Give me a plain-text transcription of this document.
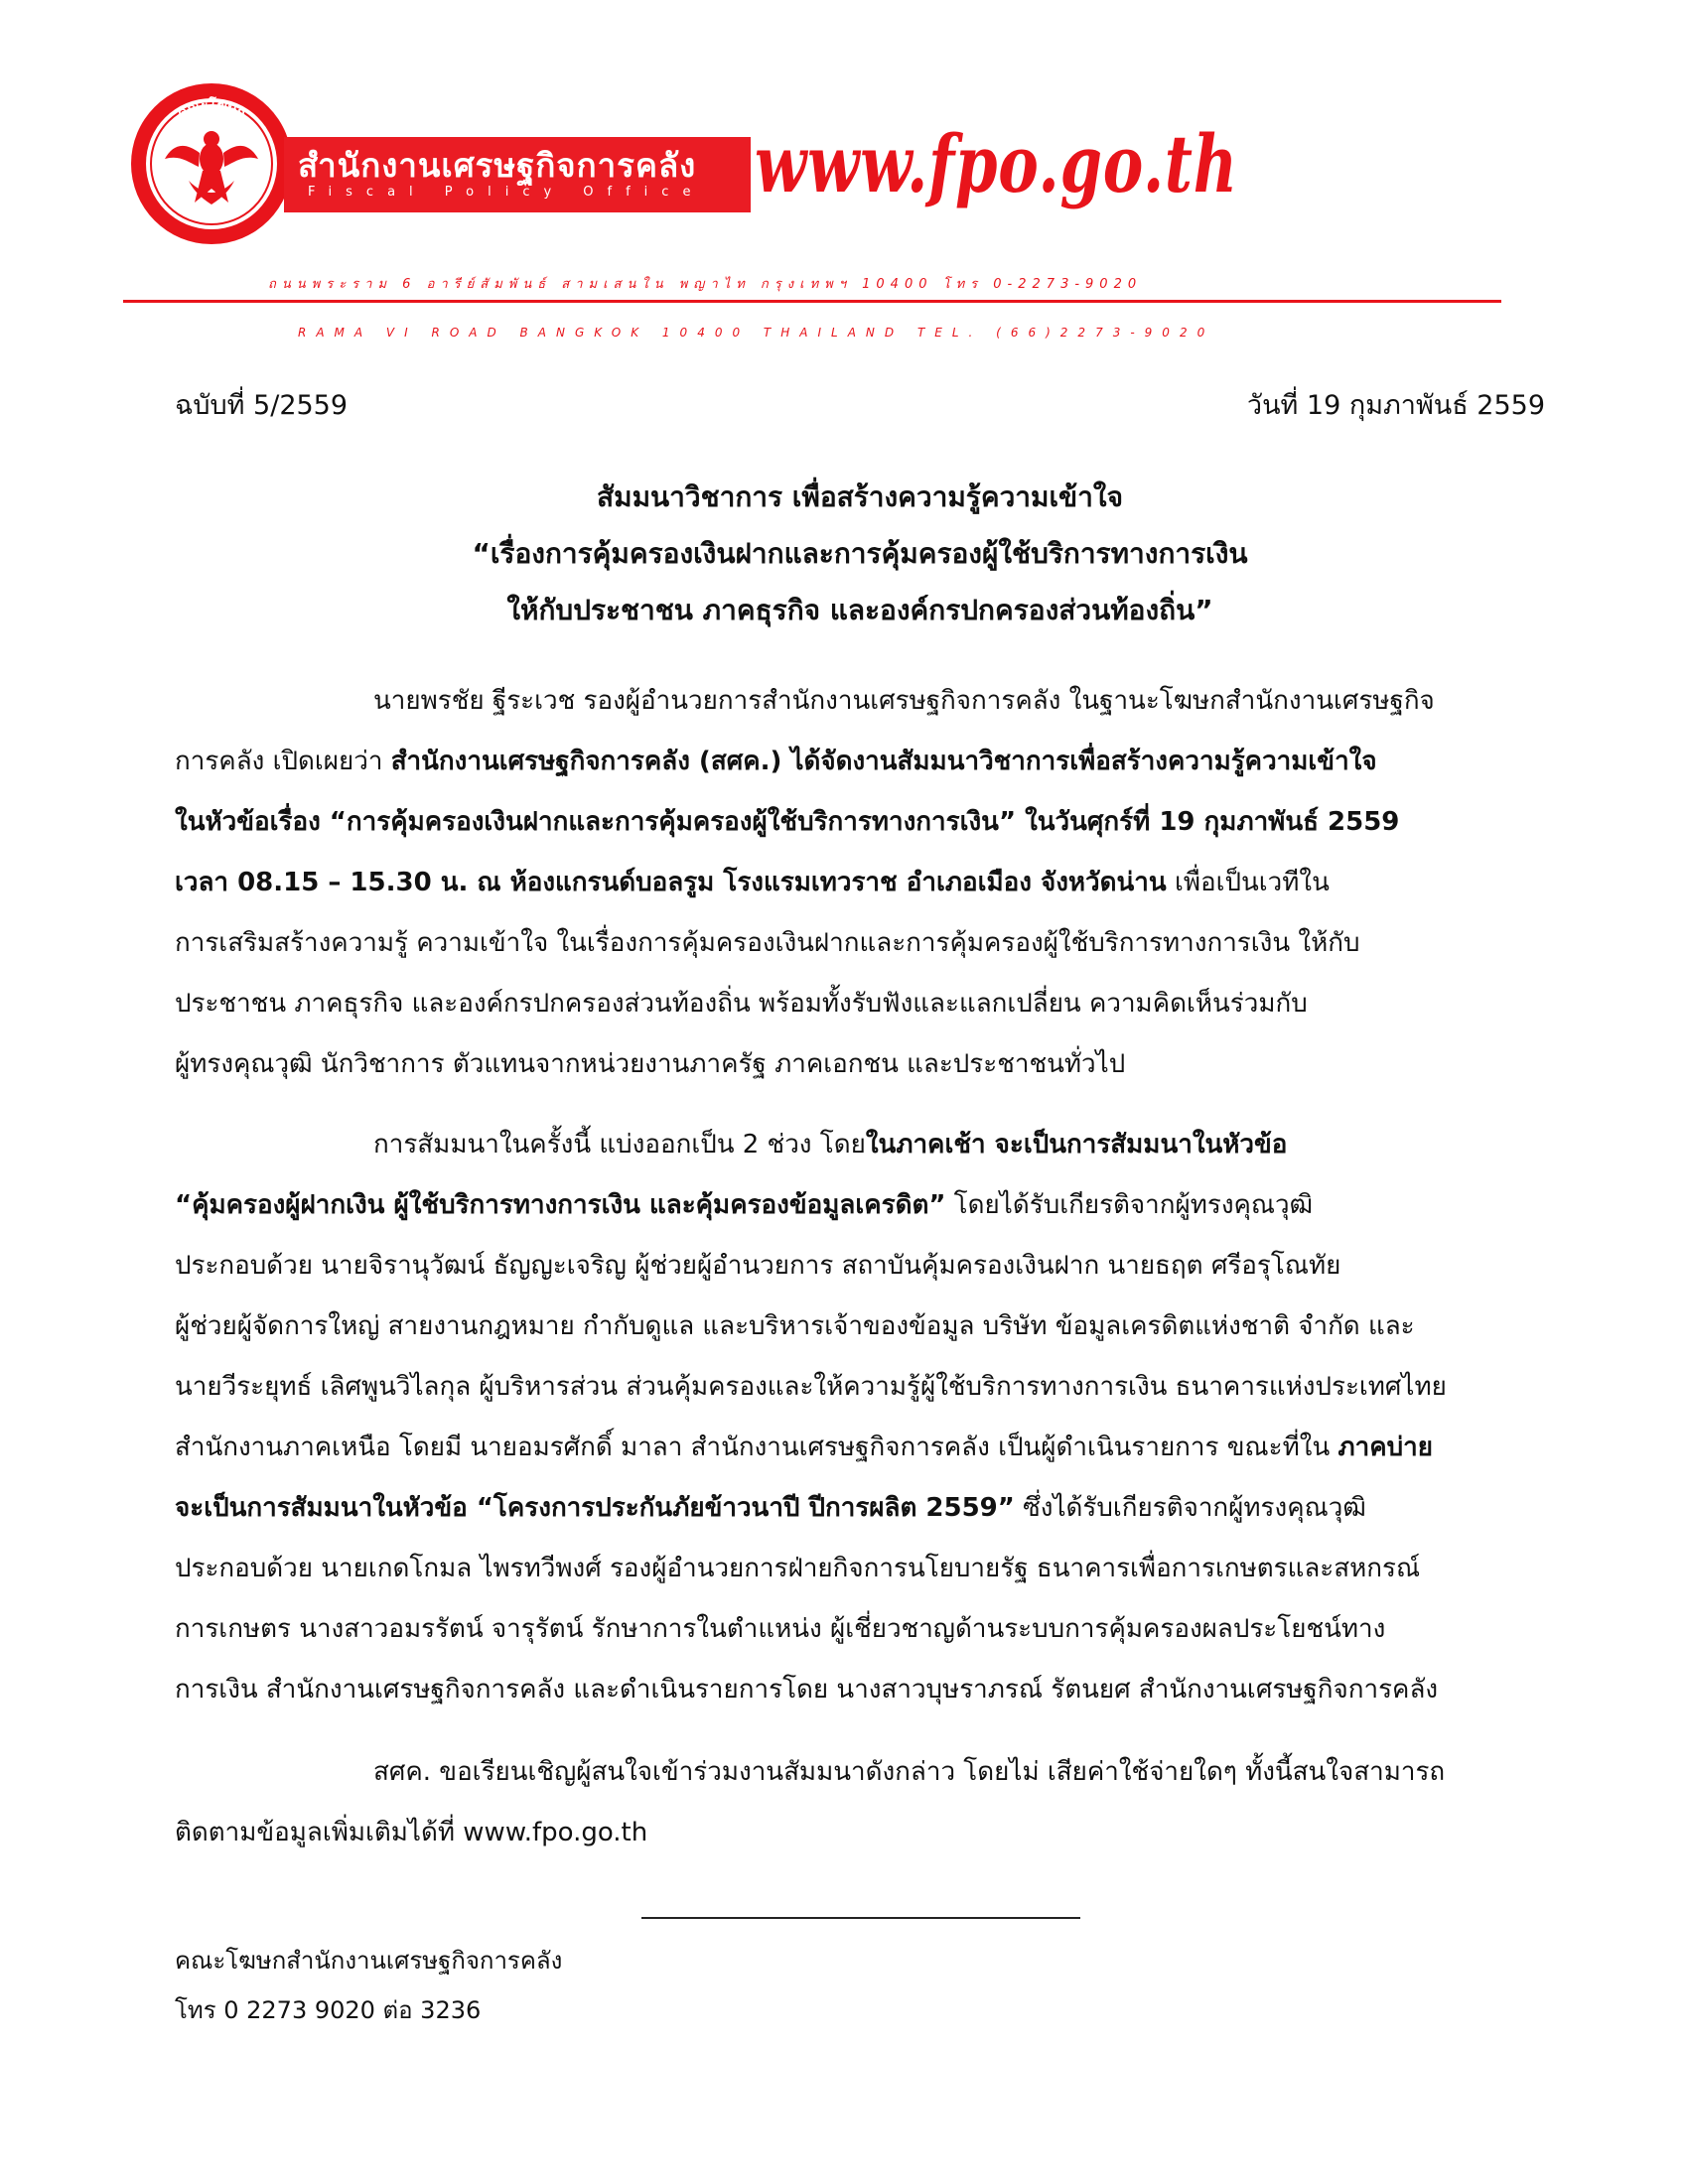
คณะโฆษก
สำนักงานเศรษฐกิจการคลัง
Fiscal Policy Office www.fpo.go.th
ถนนพระราม 6 อารีย์สัมพันธ์ สามเสนใน พญาไท กรุงเทพฯ 10400 โทร 0-2273-9020
RAMA VI ROAD BANGKOK 10400 THAILAND TEL. (66)2273-9020
ฉบับที่ 5/2559	วันที่ 19 กุมภาพันธ์ 2559
สัมมนาวิชาการ เพื่อสร้างความรู้ความเข้าใจ
“เรื่องการคุ้มครองเงินฝากและการคุ้มครองผู้ใช้บริการทางการเงิน
ให้กับประชาชน ภาคธุรกิจ และองค์กรปกครองส่วนท้องถิ่น”
นายพรชัย ฐีระเวช รองผู้อำนวยการสำนักงานเศรษฐกิจการคลัง ในฐานะโฆษกสำนักงานเศรษฐกิจ
การคลัง เปิดเผยว่า สำนักงานเศรษฐกิจการคลัง (สศค.) ได้จัดงานสัมมนาวิชาการเพื่อสร้างความรู้ความเข้าใจ
ในหัวข้อเรื่อง “การคุ้มครองเงินฝากและการคุ้มครองผู้ใช้บริการทางการเงิน” ในวันศุกร์ที่ 19 กุมภาพันธ์ 2559
เวลา 08.15 – 15.30 น. ณ ห้องแกรนด์บอลรูม โรงแรมเทวราช อำเภอเมือง จังหวัดน่าน เพื่อเป็นเวทีใน
การเสริมสร้างความรู้ ความเข้าใจ ในเรื่องการคุ้มครองเงินฝากและการคุ้มครองผู้ใช้บริการทางการเงิน ให้กับ
ประชาชน ภาคธุรกิจ และองค์กรปกครองส่วนท้องถิ่น พร้อมทั้งรับฟังและแลกเปลี่ยน ความคิดเห็นร่วมกับ
ผู้ทรงคุณวุฒิ นักวิชาการ ตัวแทนจากหน่วยงานภาครัฐ ภาคเอกชน และประชาชนทั่วไป
การสัมมนาในครั้งนี้ แบ่งออกเป็น 2 ช่วง โดยในภาคเช้า จะเป็นการสัมมนาในหัวข้อ
“คุ้มครองผู้ฝากเงิน ผู้ใช้บริการทางการเงิน และคุ้มครองข้อมูลเครดิต” โดยได้รับเกียรติจากผู้ทรงคุณวุฒิ
ประกอบด้วย นายจิรานุวัฒน์ ธัญญะเจริญ ผู้ช่วยผู้อำนวยการ สถาบันคุ้มครองเงินฝาก นายธฤต ศรีอรุโณทัย
ผู้ช่วยผู้จัดการใหญ่ สายงานกฎหมาย กำกับดูแล และบริหารเจ้าของข้อมูล บริษัท ข้อมูลเครดิตแห่งชาติ จำกัด และ
นายวีระยุทธ์ เลิศพูนวิไลกุล ผู้บริหารส่วน ส่วนคุ้มครองและให้ความรู้ผู้ใช้บริการทางการเงิน ธนาคารแห่งประเทศไทย
สำนักงานภาคเหนือ โดยมี นายอมรศักดิ์ มาลา สำนักงานเศรษฐกิจการคลัง เป็นผู้ดำเนินรายการ ขณะที่ใน ภาคบ่าย
จะเป็นการสัมมนาในหัวข้อ “โครงการประกันภัยข้าวนาปี ปีการผลิต 2559” ซึ่งได้รับเกียรติจากผู้ทรงคุณวุฒิ
ประกอบด้วย นายเกดโกมล ไพรทวีพงศ์ รองผู้อำนวยการฝ่ายกิจการนโยบายรัฐ ธนาคารเพื่อการเกษตรและสหกรณ์
การเกษตร นางสาวอมรรัตน์ จารุรัตน์ รักษาการในตำแหน่ง ผู้เชี่ยวชาญด้านระบบการคุ้มครองผลประโยชน์ทาง
การเงิน สำนักงานเศรษฐกิจการคลัง และดำเนินรายการโดย นางสาวบุษราภรณ์ รัตนยศ สำนักงานเศรษฐกิจการคลัง
สศค. ขอเรียนเชิญผู้สนใจเข้าร่วมงานสัมมนาดังกล่าว โดยไม่ เสียค่าใช้จ่ายใดๆ ทั้งนี้สนใจสามารถ
ติดตามข้อมูลเพิ่มเติมได้ที่ www.fpo.go.th
คณะโฆษกสำนักงานเศรษฐกิจการคลัง
โทร 0 2273 9020 ต่อ 3236
